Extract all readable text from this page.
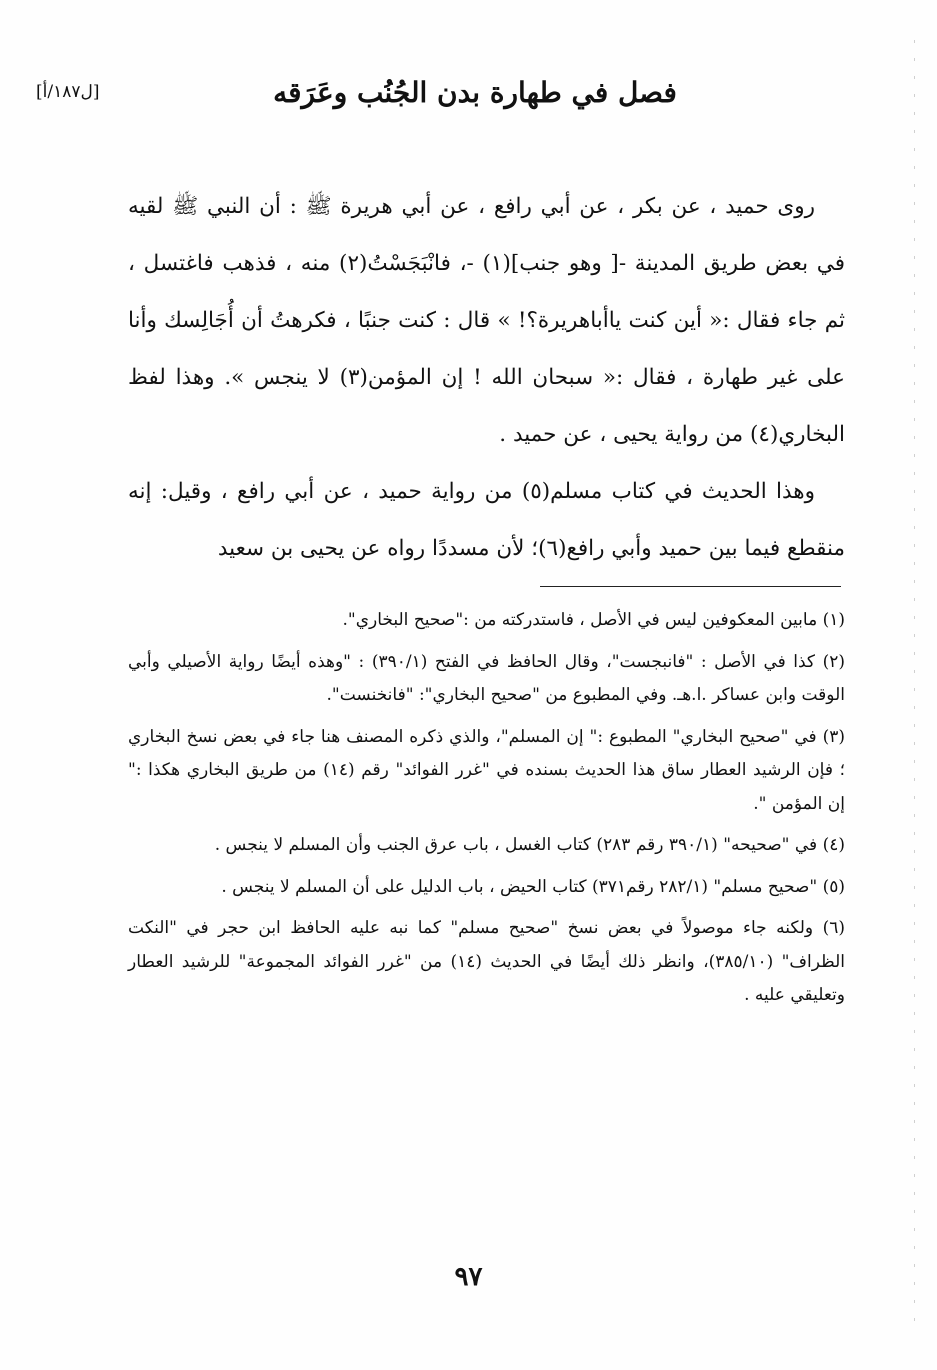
[ل١٨٧/أ]	فصل في طهارة بدن الجُنُب وعَرَقه

روى حميد ، عن بكر ، عن أبي رافع ، عن أبي هريرة ﷺ : أن النبي ﷺ لقيه في بعض طريق المدينة -[ وهو جنب](١) -، فانْبَجَسْتُ(٢) منه ، فذهب فاغتسل ، ثم جاء فقال :« أين كنت ياأباهريرة؟! » قال : كنت جنبًا ، فكرهتُ أن أُجَالِسك وأنا على غير طهارة ، فقال :« سبحان الله ! إن المؤمن(٣) لا ينجس ». وهذا لفظ البخاري(٤) من رواية يحيى ، عن حميد .

وهذا الحديث في كتاب مسلم(٥) من رواية حميد ، عن أبي رافع ، وقيل: إنه منقطع فيما بين حميد وأبي رافع(٦)؛ لأن مسددًا رواه عن يحيى بن سعيد

(١) مابين المعكوفين ليس في الأصل ، فاستدركته من :"صحيح البخاري".

(٢) كذا في الأصل : "فانبجست"، وقال الحافظ في الفتح (٣٩٠/١) : "وهذه أيضًا رواية الأصيلي وأبي الوقت وابن عساكر .ا.هـ. وفي المطبوع من "صحيح البخاري": "فانخنست".

(٣) في "صحيح البخاري" المطبوع :" إن المسلم"، والذي ذكره المصنف هنا جاء في بعض نسخ البخاري ؛ فإن الرشيد العطار ساق هذا الحديث بسنده في "غرر الفوائد" رقم (١٤) من طريق البخاري هكذا :" إن المؤمن ".

(٤) في "صحيحه" (٣٩٠/١ رقم ٢٨٣) كتاب الغسل ، باب عرق الجنب وأن المسلم لا ينجس .

(٥) "صحيح مسلم" (٢٨٢/١ رقم٣٧١) كتاب الحيض ، باب الدليل على أن المسلم لا ينجس .

(٦) ولكنه جاء موصولاً في بعض نسخ "صحيح مسلم" كما نبه عليه الحافظ ابن حجر في "النكت الظراف" (٣٨٥/١٠)، وانظر ذلك أيضًا في الحديث (١٤) من "غرر الفوائد المجموعة" للرشيد العطار وتعليقي عليه .

٩٧
